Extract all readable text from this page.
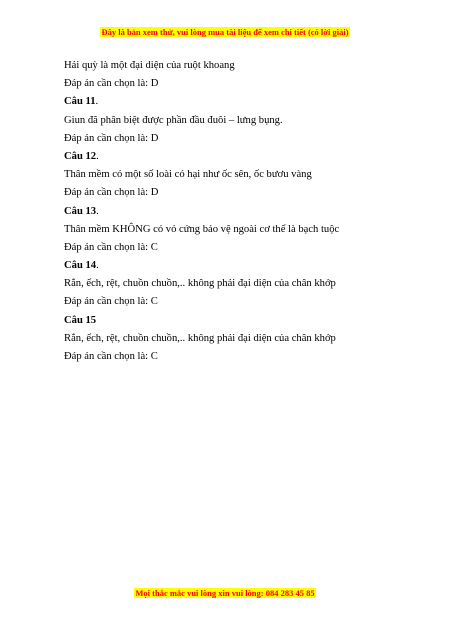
Đây là bản xem thử, vui lòng mua tài liệu để xem chi tiết (có lời giải)
Hải quỳ là một đại diện của ruột khoang
Đáp án cần chọn là: D
Câu 11.
Giun đã phân biệt được phần đầu đuôi – lưng bụng.
Đáp án cần chọn là: D
Câu 12.
Thân mềm có một số loài có hại như ốc sên, ốc bươu vàng
Đáp án cần chọn là: D
Câu 13.
Thân mềm KHÔNG có vỏ cứng bảo vệ ngoài cơ thể là bạch tuộc
Đáp án cần chọn là: C
Câu 14.
Rắn, ếch, rệt, chuồn chuồn,.. không phải đại diện của chân khớp
Đáp án cần chọn là: C
Câu 15
Rắn, ếch, rệt, chuồn chuồn,.. không phải đại diện của chân khớp
Đáp án cần chọn là: C
Mọi thắc mắc vui lòng xin vui lòng: 084 283 45 85
